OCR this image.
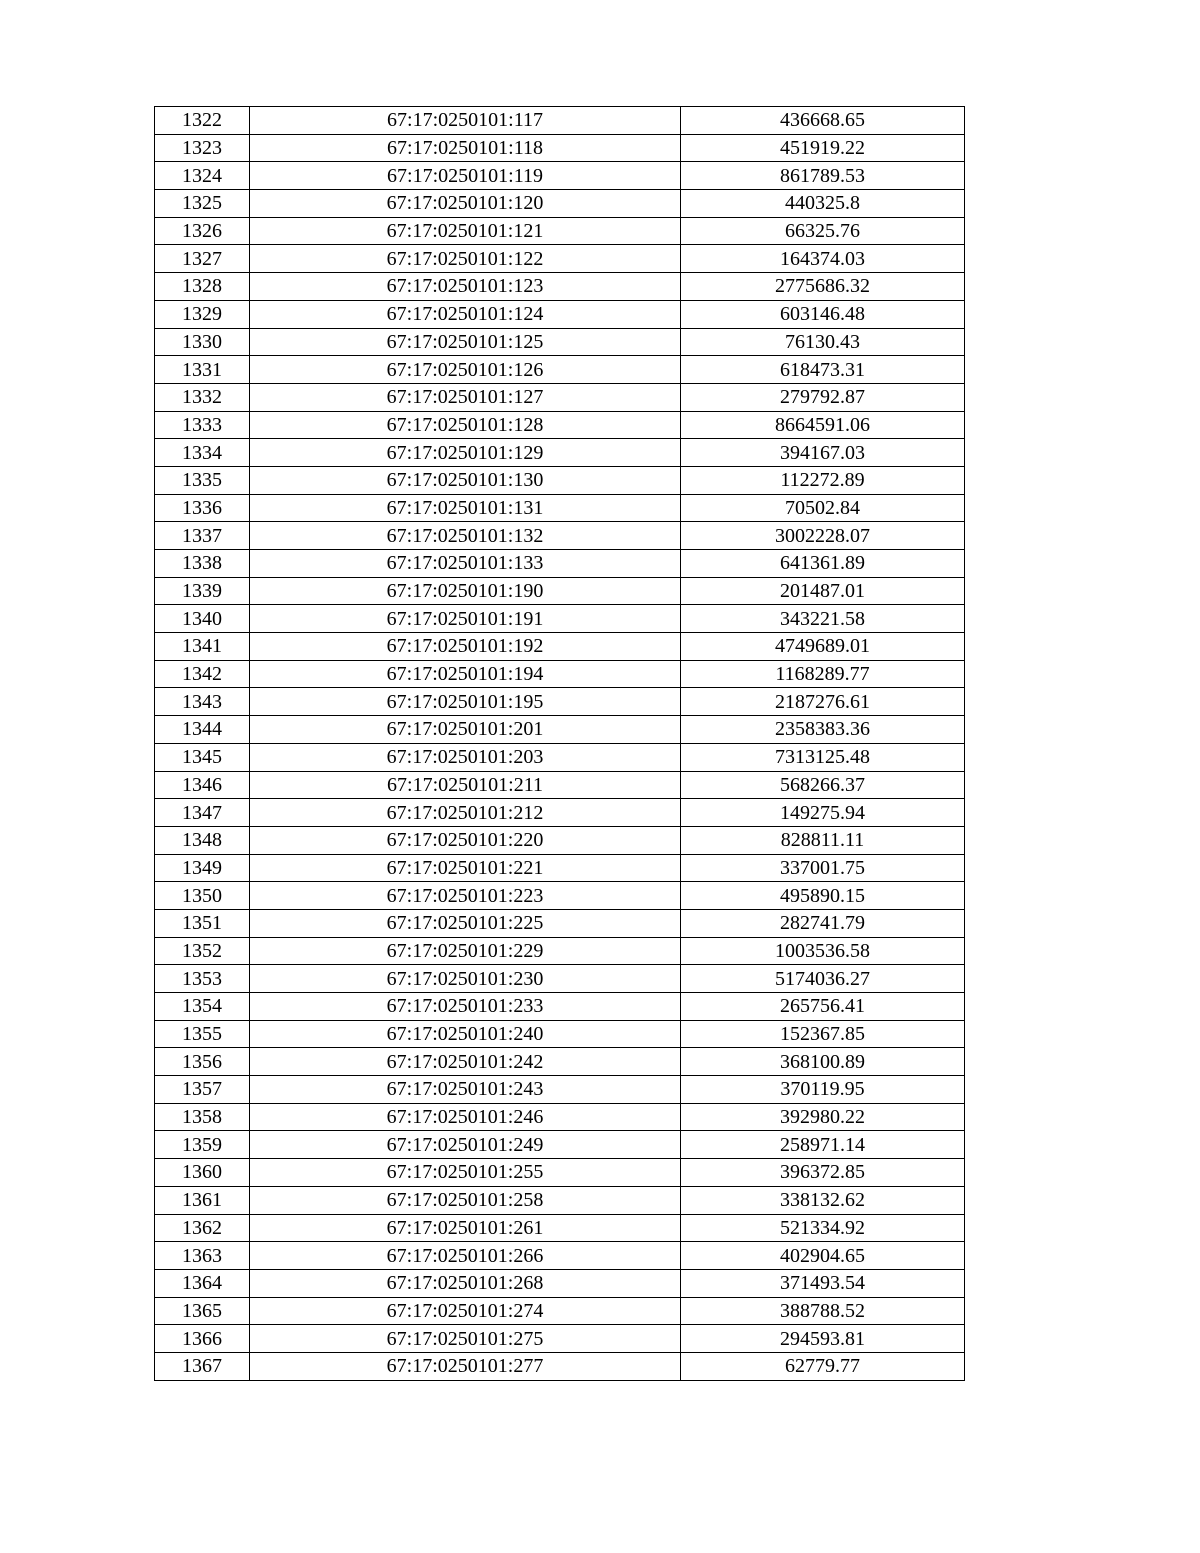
1322	67:17:0250101:117	436668.65
1323	67:17:0250101:118	451919.22
1324	67:17:0250101:119	861789.53
1325	67:17:0250101:120	440325.8
1326	67:17:0250101:121	66325.76
1327	67:17:0250101:122	164374.03
1328	67:17:0250101:123	2775686.32
1329	67:17:0250101:124	603146.48
1330	67:17:0250101:125	76130.43
1331	67:17:0250101:126	618473.31
1332	67:17:0250101:127	279792.87
1333	67:17:0250101:128	8664591.06
1334	67:17:0250101:129	394167.03
1335	67:17:0250101:130	112272.89
1336	67:17:0250101:131	70502.84
1337	67:17:0250101:132	3002228.07
1338	67:17:0250101:133	641361.89
1339	67:17:0250101:190	201487.01
1340	67:17:0250101:191	343221.58
1341	67:17:0250101:192	4749689.01
1342	67:17:0250101:194	1168289.77
1343	67:17:0250101:195	2187276.61
1344	67:17:0250101:201	2358383.36
1345	67:17:0250101:203	7313125.48
1346	67:17:0250101:211	568266.37
1347	67:17:0250101:212	149275.94
1348	67:17:0250101:220	828811.11
1349	67:17:0250101:221	337001.75
1350	67:17:0250101:223	495890.15
1351	67:17:0250101:225	282741.79
1352	67:17:0250101:229	1003536.58
1353	67:17:0250101:230	5174036.27
1354	67:17:0250101:233	265756.41
1355	67:17:0250101:240	152367.85
1356	67:17:0250101:242	368100.89
1357	67:17:0250101:243	370119.95
1358	67:17:0250101:246	392980.22
1359	67:17:0250101:249	258971.14
1360	67:17:0250101:255	396372.85
1361	67:17:0250101:258	338132.62
1362	67:17:0250101:261	521334.92
1363	67:17:0250101:266	402904.65
1364	67:17:0250101:268	371493.54
1365	67:17:0250101:274	388788.52
1366	67:17:0250101:275	294593.81
1367	67:17:0250101:277	62779.77
